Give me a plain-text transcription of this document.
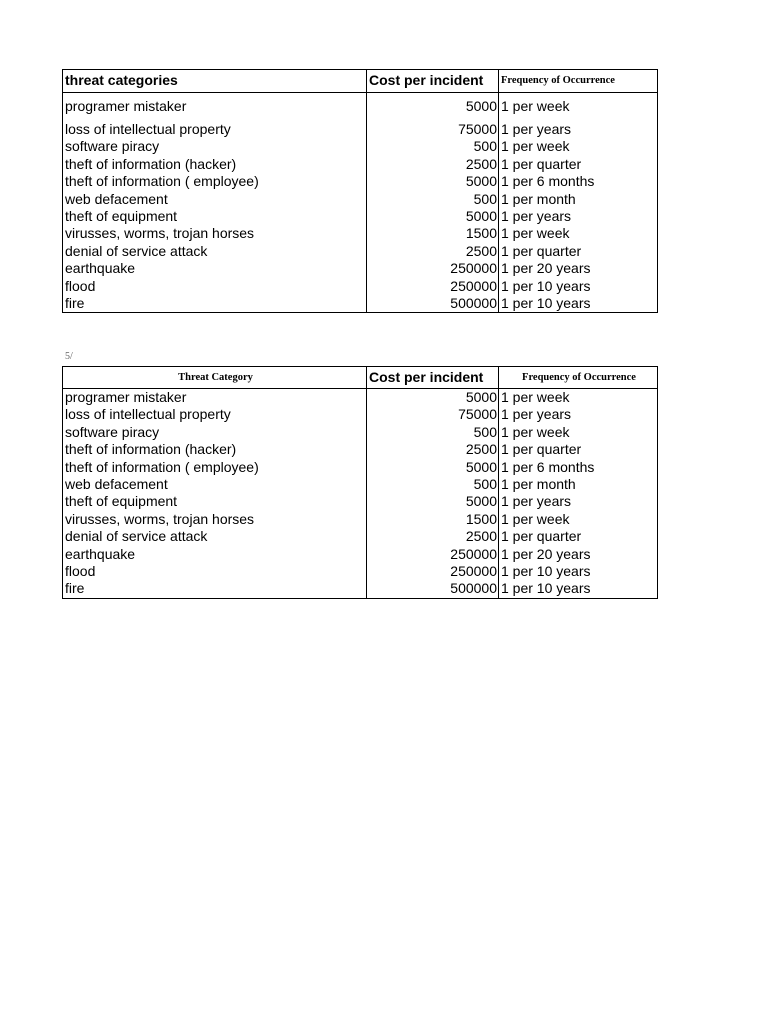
threat categories	Cost per incident	Frequency of Occurrence
programer mistaker	5000	1 per week
loss of intellectual property	75000	1 per years
software piracy	500	1 per week
theft of information (hacker)	2500	1 per quarter
theft of information ( employee)	5000	1 per 6 months
web defacement	500	1 per month
theft of equipment	5000	1 per years
virusses, worms, trojan horses	1500	1 per week
denial of service attack	2500	1 per quarter
earthquake	250000	1 per 20 years
flood	250000	1 per 10 years
fire	500000	1 per 10 years
5/
Threat Category	Cost per incident	Frequency of Occurrence
programer mistaker	5000	1 per week
loss of intellectual property	75000	1 per years
software piracy	500	1 per week
theft of information (hacker)	2500	1 per quarter
theft of information ( employee)	5000	1 per 6 months
web defacement	500	1 per month
theft of equipment	5000	1 per years
virusses, worms, trojan horses	1500	1 per week
denial of service attack	2500	1 per quarter
earthquake	250000	1 per 20 years
flood	250000	1 per 10 years
fire	500000	1 per 10 years
